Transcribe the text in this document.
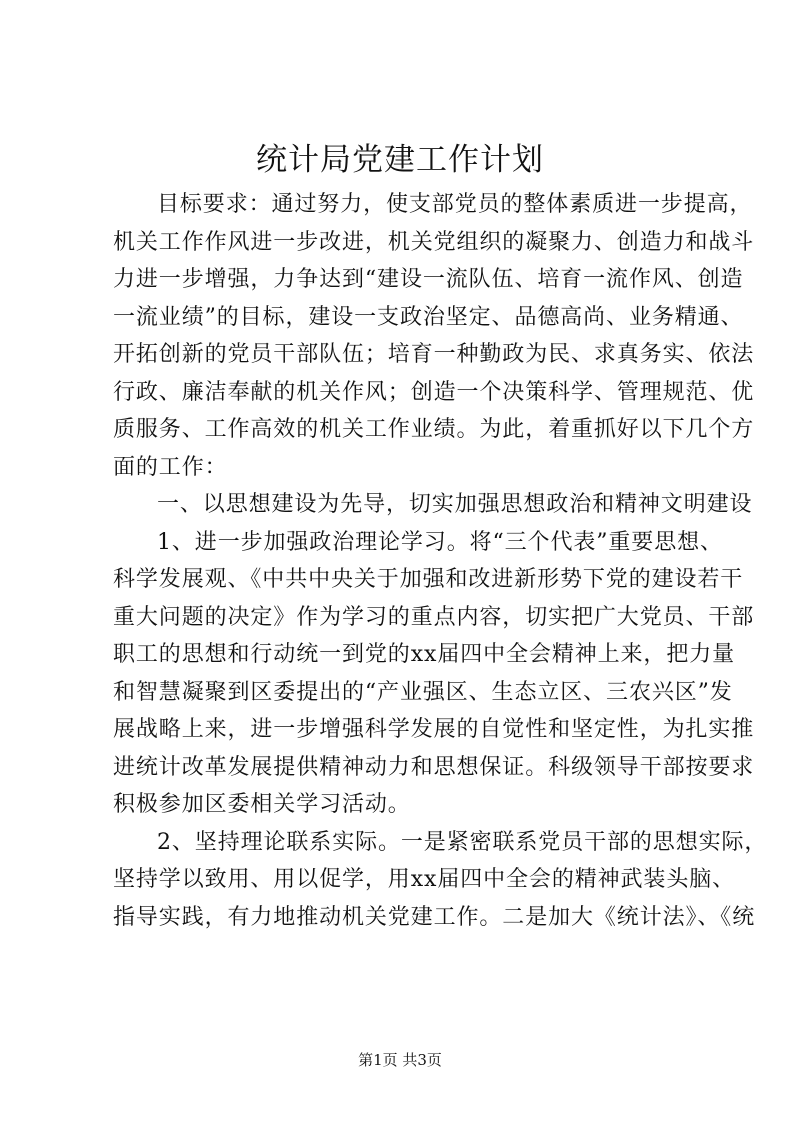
统计局党建工作计划
目标要求：通过努力，使支部党员的整体素质进一步提高，
机关工作作风进一步改进，机关党组织的凝聚力、创造力和战斗
力进一步增强，力争达到“建设一流队伍、培育一流作风、创造
一流业绩”的目标，建设一支政治坚定、品德高尚、业务精通、
开拓创新的党员干部队伍；培育一种勤政为民、求真务实、依法
行政、廉洁奉献的机关作风；创造一个决策科学、管理规范、优
质服务、工作高效的机关工作业绩。为此，着重抓好以下几个方
面的工作：
一、以思想建设为先导，切实加强思想政治和精神文明建设
1、进一步加强政治理论学习。将“三个代表”重要思想、
科学发展观、《中共中央关于加强和改进新形势下党的建设若干
重大问题的决定》作为学习的重点内容，切实把广大党员、干部
职工的思想和行动统一到党的xx届四中全会精神上来，把力量
和智慧凝聚到区委提出的“产业强区、生态立区、三农兴区”发
展战略上来，进一步增强科学发展的自觉性和坚定性，为扎实推
进统计改革发展提供精神动力和思想保证。科级领导干部按要求
积极参加区委相关学习活动。
2、坚持理论联系实际。一是紧密联系党员干部的思想实际，
坚持学以致用、用以促学，用xx届四中全会的精神武装头脑、
指导实践，有力地推动机关党建工作。二是加大《统计法》、《统
第1页 共3页
